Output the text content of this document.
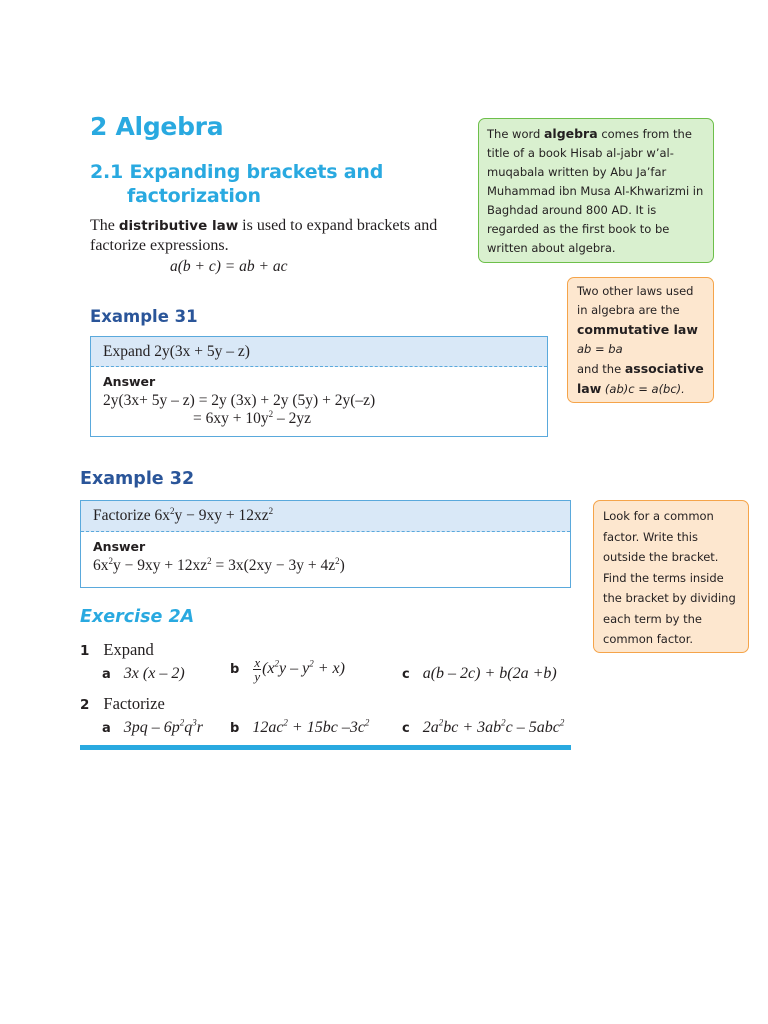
2 Algebra
2.1 Expanding brackets and
factorization
The distributive law is used to expand brackets and factorize expressions.
a(b + c) = ab + ac
Example 31
Expand 2y(3x + 5y – z)
Answer
2y(3x+ 5y – z) = 2y (3x) + 2y (5y) + 2y(–z)
= $6xy + 10y^2 - 2yz$
Example 32
Factorize $6x^2y - 9xy + 12xz^2$
Answer
$6x^2y - 9xy + 12xz^2 = 3x(2xy - 3y + 4z^2)$
Exercise 2A
1 Expand
a 3x (x – 2)	b $\frac{x}{y} (x^2y - y^2 + x)$	c a(b – 2c) + b(2a +b)
2 Factorize
a $3pq - 6p^2q^3r$ b $12ac^2 + 15bc$ $-3c^2$	c $2a^2bc + 3ab^2c - 5abc^2$
The word algebra comes from the title of a book Hisab al-jabr w’al-muqabala written by Abu Ja’far Muhammad ibn Musa Al-Khwarizmi in Baghdad around 800 AD. It is regarded as the first book to be written about algebra.
Two other laws used in algebra are the
commutative law
ab = ba
and the associative law (ab)c = a(bc).
Look for a common factor. Write this outside the bracket. Find the terms inside the bracket by dividing each term by the common factor.
